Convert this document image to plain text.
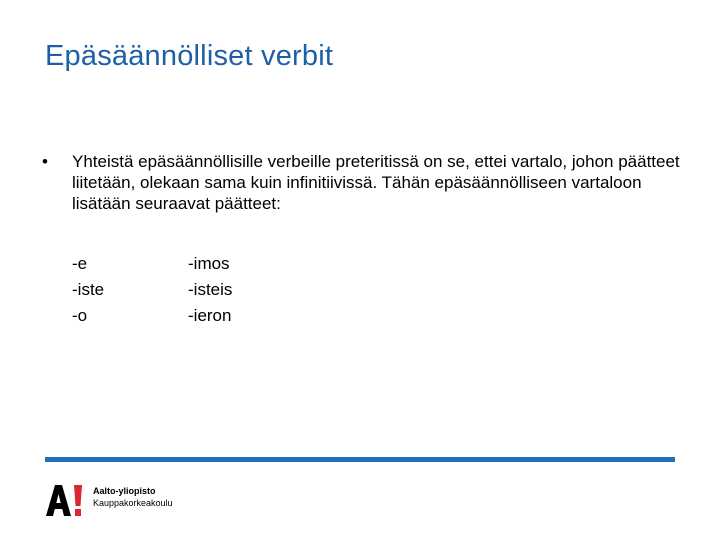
Epäsäännölliset verbit
• Yhteistä epäsäännöllisille verbeille preteritissä on se, ettei vartalo, johon päätteet liitetään, olekaan sama kuin infinitiivissä. Tähän epäsäännölliseen vartaloon lisätään seuraavat päätteet:
-e
-iste
-o
-imos
-isteis
-ieron
Aalto-yliopisto
Kauppakorkeakoulu
